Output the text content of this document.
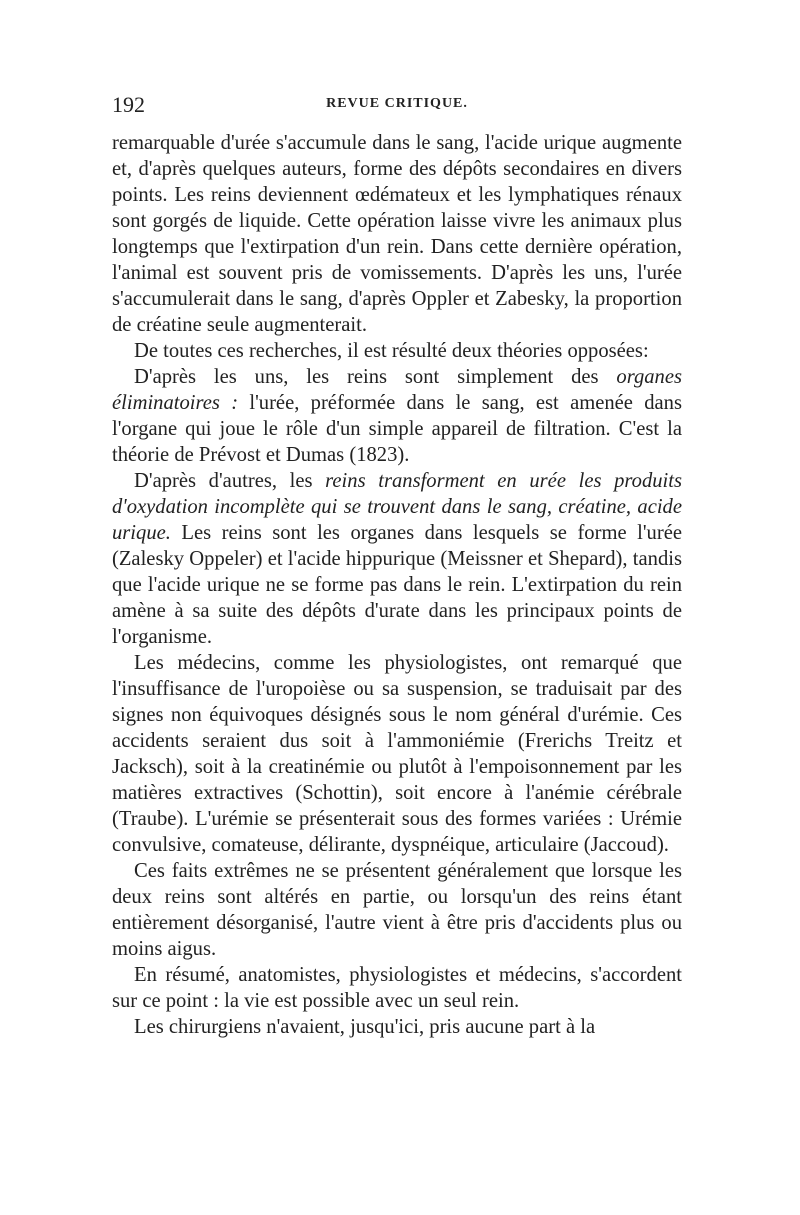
192	REVUE CRITIQUE.

remarquable d'urée s'accumule dans le sang, l'acide urique augmente et, d'après quelques auteurs, forme des dépôts secondaires en divers points. Les reins deviennent œdémateux et les lymphatiques rénaux sont gorgés de liquide. Cette opération laisse vivre les animaux plus longtemps que l'extirpation d'un rein. Dans cette dernière opération, l'animal est souvent pris de vomissements. D'après les uns, l'urée s'accumulerait dans le sang, d'après Oppler et Zabesky, la proportion de créatine seule augmenterait.

De toutes ces recherches, il est résulté deux théories opposées:

D'après les uns, les reins sont simplement des organes éliminatoires : l'urée, préformée dans le sang, est amenée dans l'organe qui joue le rôle d'un simple appareil de filtration. C'est la théorie de Prévost et Dumas (1823).

D'après d'autres, les reins transforment en urée les produits d'oxydation incomplète qui se trouvent dans le sang, créatine, acide urique. Les reins sont les organes dans lesquels se forme l'urée (Zalesky Oppeler) et l'acide hippurique (Meissner et Shepard), tandis que l'acide urique ne se forme pas dans le rein. L'extirpation du rein amène à sa suite des dépôts d'urate dans les principaux points de l'organisme.

Les médecins, comme les physiologistes, ont remarqué que l'insuffisance de l'uropoièse ou sa suspension, se traduisait par des signes non équivoques désignés sous le nom général d'urémie. Ces accidents seraient dus soit à l'ammoniémie (Frerichs Treitz et Jacksch), soit à la creatinémie ou plutôt à l'empoisonnement par les matières extractives (Schottin), soit encore à l'anémie cérébrale (Traube). L'urémie se présenterait sous des formes variées : Urémie convulsive, comateuse, délirante, dyspnéique, articulaire (Jaccoud).

Ces faits extrêmes ne se présentent généralement que lorsque les deux reins sont altérés en partie, ou lorsqu'un des reins étant entièrement désorganisé, l'autre vient à être pris d'accidents plus ou moins aigus.

En résumé, anatomistes, physiologistes et médecins, s'accordent sur ce point : la vie est possible avec un seul rein.

Les chirurgiens n'avaient, jusqu'ici, pris aucune part à la
